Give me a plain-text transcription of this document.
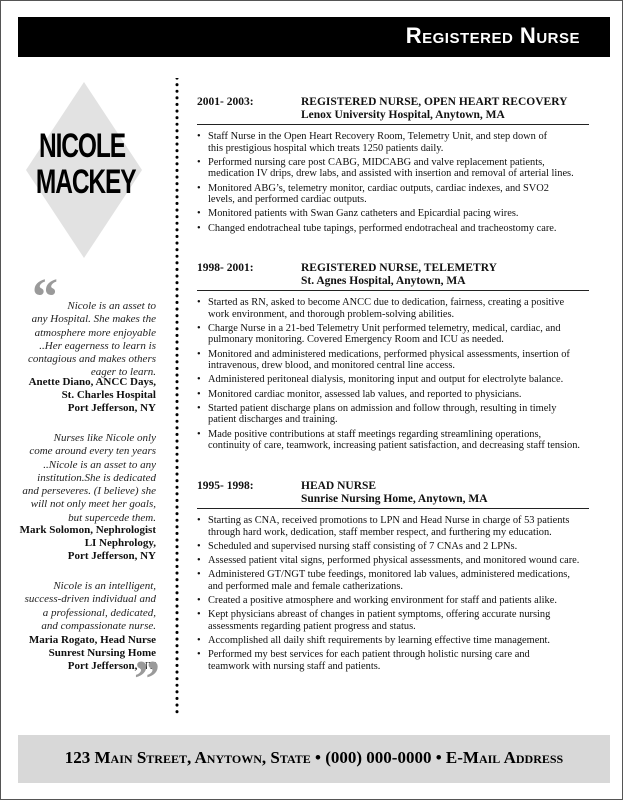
Registered Nurse
NICOLE
MACKEY
“ Nicole is an asset to
any Hospital. She makes the
atmosphere more enjoyable
..Her eagerness to learn is
contagious and makes others
eager to learn.
Anette Diano, ANCC Days,
St. Charles Hospital
Port Jefferson, NY
Nurses like Nicole only
come around every ten years
..Nicole is an asset to any
institution.She is dedicated
and perseveres. (I believe) she
will not only meet her goals,
but supercede them.
Mark Solomon, Nephrologist
LI Nephrology,
Port Jefferson, NY
Nicole is an intelligent,
success-driven individual and
a professional, dedicated,
and compassionate nurse.
Maria Rogato, Head Nurse
Sunrest Nursing Home
Port Jefferson, NY
”
2001- 2003:	REGISTERED NURSE, OPEN HEART RECOVERY
Lenox University Hospital, Anytown, MA
• Staff Nurse in the Open Heart Recovery Room, Telemetry Unit, and step down of
this prestigious hospital which treats 1250 patients daily.
• Performed nursing care post CABG, MIDCABG and valve replacement patients,
medication IV drips, drew labs, and assisted with insertion and removal of arterial lines.
• Monitored ABG’s, telemetry monitor, cardiac outputs, cardiac indexes, and SVO2
levels, and performed cardiac outputs.
• Monitored patients with Swan Ganz catheters and Epicardial pacing wires.
• Changed endotracheal tube tapings, performed endotracheal and tracheostomy care.
1998- 2001:	REGISTERED NURSE, TELEMETRY
St. Agnes Hospital, Anytown, MA
• Started as RN, asked to become ANCC due to dedication, fairness, creating a positive
work environment, and thorough problem-solving abilities.
• Charge Nurse in a 21-bed Telemetry Unit performed telemetry, medical, cardiac, and
pulmonary monitoring. Covered Emergency Room and ICU as needed.
• Monitored and administered medications, performed physical assessments, insertion of
intravenous, drew blood, and monitored central line access.
• Administered peritoneal dialysis, monitoring input and output for electrolyte balance.
• Monitored cardiac monitor, assessed lab values, and reported to physicians.
• Started patient discharge plans on admission and follow through, resulting in timely
patient discharges and training.
• Made positive contributions at staff meetings regarding streamlining operations,
continuity of care, teamwork, increasing patient satisfaction, and decreasing staff tension.
1995- 1998:	HEAD NURSE
Sunrise Nursing Home, Anytown, MA
• Starting as CNA, received promotions to LPN and Head Nurse in charge of 53 patients
through hard work, dedication, staff member respect, and furthering my education.
• Scheduled and supervised nursing staff consisting of 7 CNAs and 2 LPNs.
• Assessed patient vital signs, performed physical assessments, and monitored wound care.
• Administered GT/NGT tube feedings, monitored lab values, administered medications,
and performed male and female catherizations.
• Created a positive atmosphere and working environment for staff and patients alike.
• Kept physicians abreast of changes in patient symptoms, offering accurate nursing
assessments regarding patient progress and status.
• Accomplished all daily shift requirements by learning effective time management.
• Performed my best services for each patient through holistic nursing care and
teamwork with nursing staff and patients.
123 Main Street, Anytown, State • (000) 000-0000 • E-Mail Address
